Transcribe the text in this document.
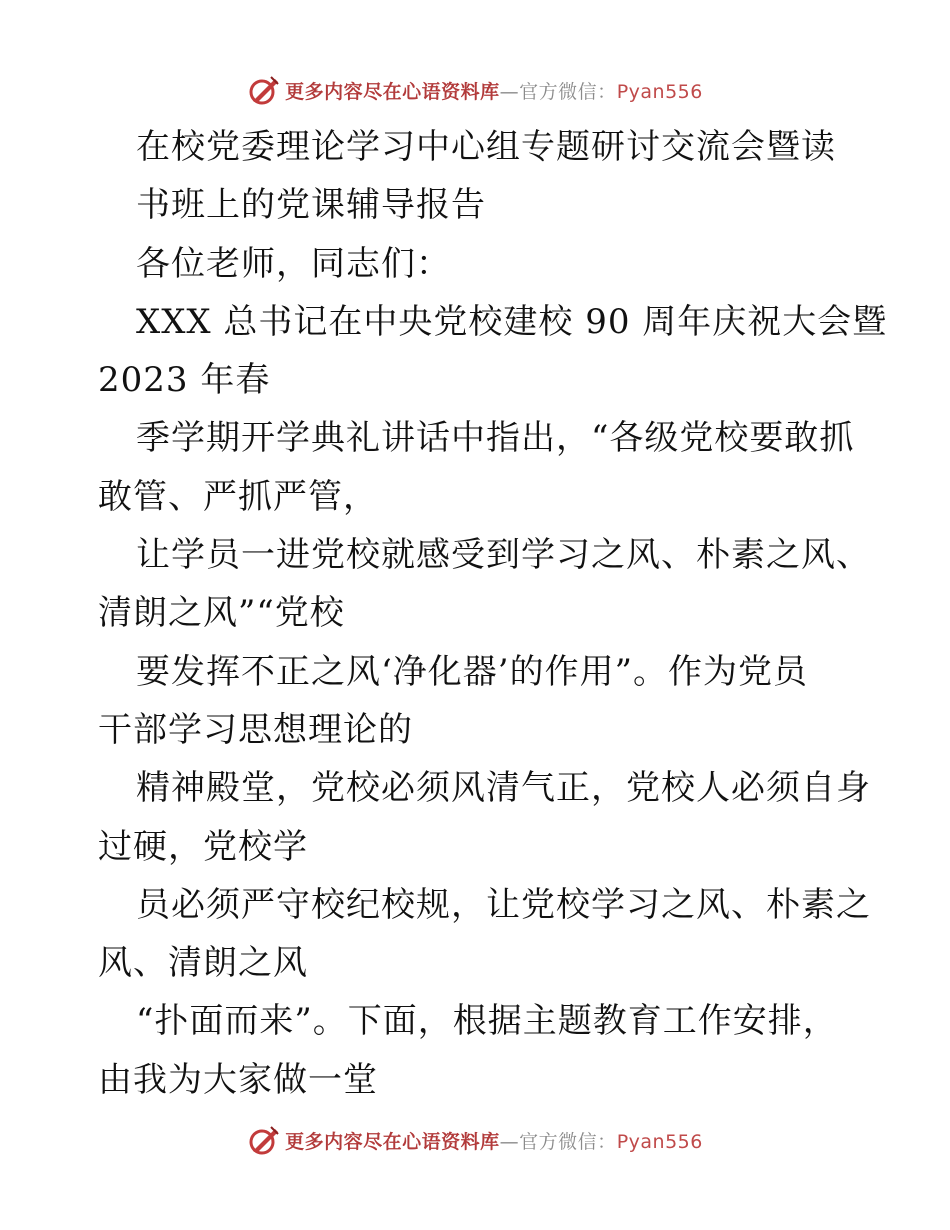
更多内容尽在心语资料库—官方微信：Pyan556
在校党委理论学习中心组专题研讨交流会暨读
书班上的党课辅导报告
各位老师，同志们：
XXX 总书记在中央党校建校 90 周年庆祝大会暨
2023 年春
季学期开学典礼讲话中指出，“各级党校要敢抓
敢管、严抓严管，
让学员一进党校就感受到学习之风、朴素之风、
清朗之风”“党校
要发挥不正之风‘净化器’的作用”。作为党员
干部学习思想理论的
精神殿堂，党校必须风清气正，党校人必须自身
过硬，党校学
员必须严守校纪校规，让党校学习之风、朴素之
风、清朗之风
“扑面而来”。下面，根据主题教育工作安排，
由我为大家做一堂
更多内容尽在心语资料库—官方微信：Pyan556
